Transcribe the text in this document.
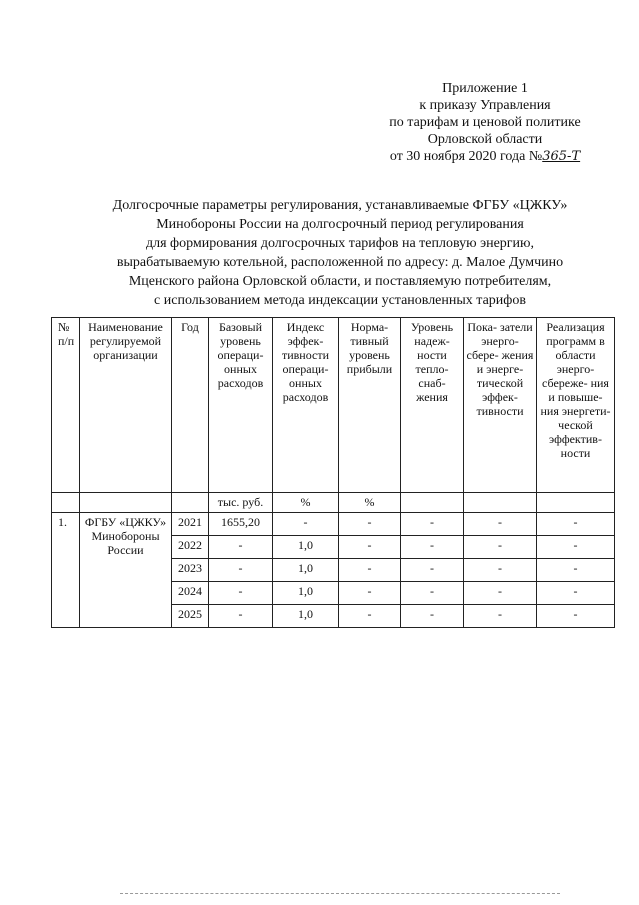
Приложение 1
к приказу Управления
по тарифам и ценовой политике
Орловской области
от 30 ноября 2020 года №365-Т
Долгосрочные параметры регулирования, устанавливаемые ФГБУ «ЦЖКУ»
Минобороны России на долгосрочный период регулирования
для формирования долгосрочных тарифов на тепловую энергию,
вырабатываемую котельной, расположенной по адресу: д. Малое Думчино
Мценского района Орловской области, и поставляемую потребителям,
с использованием метода индексации установленных тарифов
№ п/п	Наименование регулируемой организации	Год	Базовый уровень операци- онных расходов	Индекс эффек- тивности операци- онных расходов	Норма- тивный уровень прибыли	Уровень надеж- ности тепло- снаб- жения	Пока- затели энерго- сбере- жения и энерге- тической эффек- тивности	Реализация программ в области энерго- сбереже- ния и повыше- ния энергети- ческой эффектив- ности
			тыс. руб.	%	%			
1.	ФГБУ «ЦЖКУ» Минобороны России	2021	1655,20	-	-	-	-	-
		2022	-	1,0	-	-	-	-
		2023	-	1,0	-	-	-	-
		2024	-	1,0	-	-	-	-
		2025	-	1,0	-	-	-	-
